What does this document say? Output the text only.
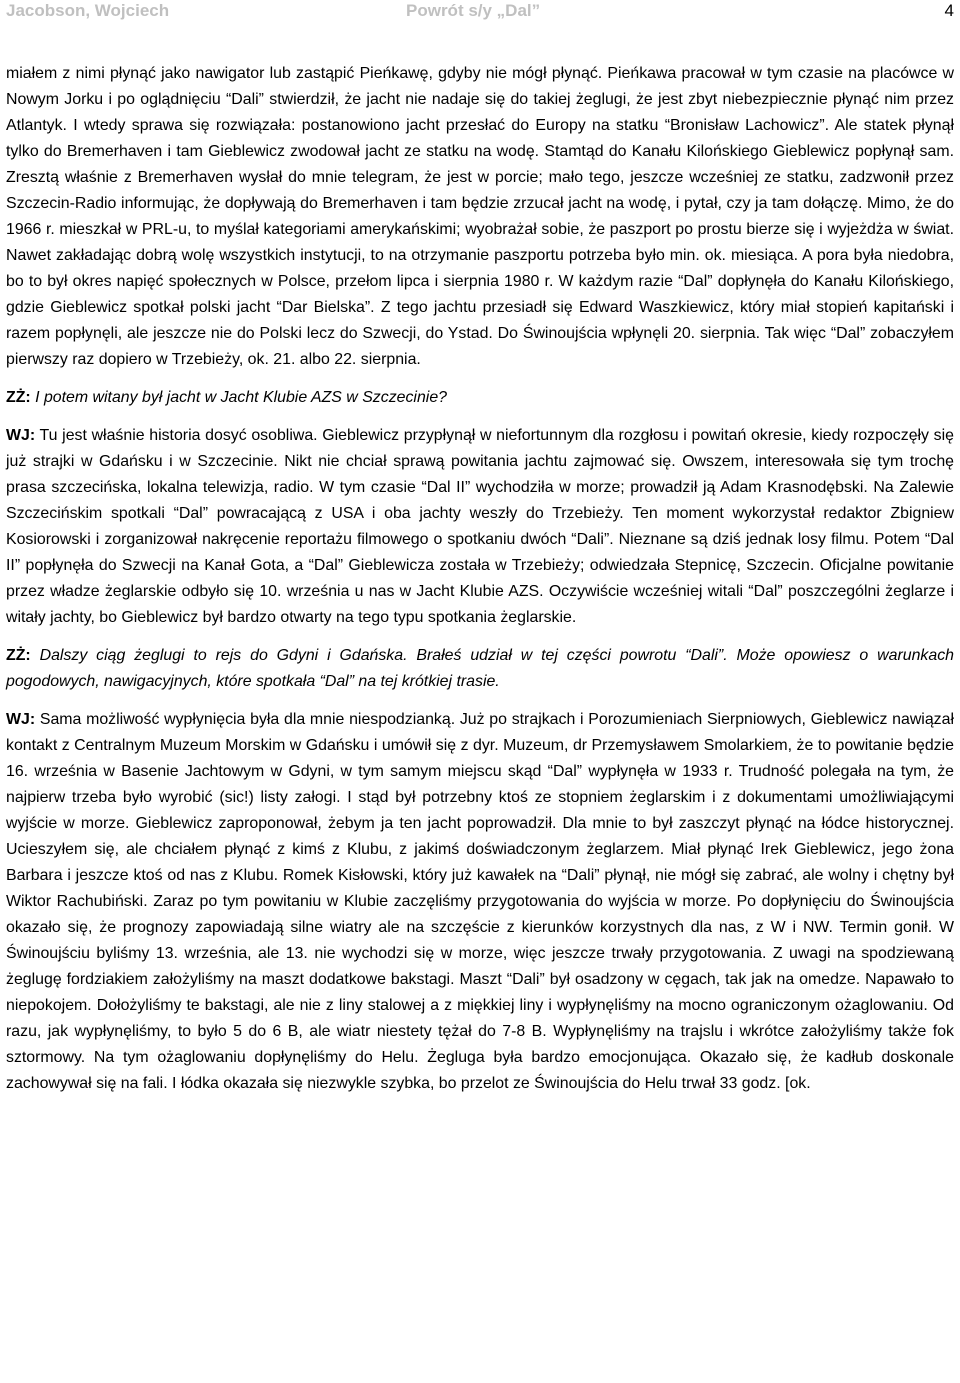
Jacobson, Wojciech	Powrót s/y „Dal”	4

miałem z nimi płynąć jako nawigator lub zastąpić Pieńkawę, gdyby nie mógł płynąć. Pieńkawa pracował w tym czasie na placówce w Nowym Jorku i po oglądnięciu “Dali” stwierdził, że jacht nie nadaje się do takiej żeglugi, że jest zbyt niebezpiecznie płynąć nim przez Atlantyk. I wtedy sprawa się rozwiązała: postanowiono jacht przesłać do Europy na statku “Bronisław Lachowicz”. Ale statek płynął tylko do Bremerhaven i tam Gieblewicz zwodował jacht ze statku na wodę. Stamtąd do Kanału Kilońskiego Gieblewicz popłynął sam. Zresztą właśnie z Bremerhaven wysłał do mnie telegram, że jest w porcie; mało tego, jeszcze wcześniej ze statku, zadzwonił przez Szczecin-Radio informując, że dopływają do Bremerhaven i tam będzie zrzucał jacht na wodę, i pytał, czy ja tam dołączę. Mimo, że do 1966 r. mieszkał w PRL-u, to myślał kategoriami amerykańskimi; wyobrażał sobie, że paszport po prostu bierze się i wyjeżdża w świat. Nawet zakładając dobrą wolę wszystkich instytucji, to na otrzymanie paszportu potrzeba było min. ok. miesiąca. A pora była niedobra, bo to był okres napięć społecznych w Polsce, przełom lipca i sierpnia 1980 r. W każdym razie “Dal” dopłynęła do Kanału Kilońskiego, gdzie Gieblewicz spotkał polski jacht “Dar Bielska”. Z tego jachtu przesiadł się Edward Waszkiewicz, który miał stopień kapitański i razem popłynęli, ale jeszcze nie do Polski lecz do Szwecji, do Ystad. Do Świnoujścia wpłynęli 20. sierpnia. Tak więc “Dal” zobaczyłem pierwszy raz dopiero w Trzebieży, ok. 21. albo 22. sierpnia.

ZŻ: I potem witany był jacht w Jacht Klubie AZS w Szczecinie?

WJ: Tu jest właśnie historia dosyć osobliwa. Gieblewicz przypłynął w niefortunnym dla rozgłosu i powitań okresie, kiedy rozpoczęły się już strajki w Gdańsku i w Szczecinie. Nikt nie chciał sprawą powitania jachtu zajmować się. Owszem, interesowała się tym trochę prasa szczecińska, lokalna telewizja, radio. W tym czasie “Dal II” wychodziła w morze; prowadził ją Adam Krasnodębski. Na Zalewie Szczecińskim spotkali “Dal” powracającą z USA i oba jachty weszły do Trzebieży. Ten moment wykorzystał redaktor Zbigniew Kosiorowski i zorganizował nakręcenie reportażu filmowego o spotkaniu dwóch “Dali”. Nieznane są dziś jednak losy filmu. Potem “Dal II” popłynęła do Szwecji na Kanał Gota, a “Dal” Gieblewicza została w Trzebieży; odwiedzała Stepnicę, Szczecin. Oficjalne powitanie przez władze żeglarskie odbyło się 10. września u nas w Jacht Klubie AZS. Oczywiście wcześniej witali “Dal” poszczególni żeglarze i witały jachty, bo Gieblewicz był bardzo otwarty na tego typu spotkania żeglarskie.

ZŻ: Dalszy ciąg żeglugi to rejs do Gdyni i Gdańska. Brałeś udział w tej części powrotu “Dali”. Może opowiesz o warunkach pogodowych, nawigacyjnych, które spotkała “Dal” na tej krótkiej trasie.

WJ: Sama możliwość wypłynięcia była dla mnie niespodzianką. Już po strajkach i Porozumieniach Sierpniowych, Gieblewicz nawiązał kontakt z Centralnym Muzeum Morskim w Gdańsku i umówił się z dyr. Muzeum, dr Przemysławem Smolarkiem, że to powitanie będzie 16. września w Basenie Jachtowym w Gdyni, w tym samym miejscu skąd “Dal” wypłynęła w 1933 r. Trudność polegała na tym, że najpierw trzeba było wyrobić (sic!) listy załogi. I stąd był potrzebny ktoś ze stopniem żeglarskim i z dokumentami umożliwiającymi wyjście w morze. Gieblewicz zaproponował, żebym ja ten jacht poprowadził. Dla mnie to był zaszczyt płynąć na łódce historycznej. Ucieszyłem się, ale chciałem płynąć z kimś z Klubu, z jakimś doświadczonym żeglarzem. Miał płynąć Irek Gieblewicz, jego żona Barbara i jeszcze ktoś od nas z Klubu. Romek Kisłowski, który już kawałek na “Dali” płynął, nie mógł się zabrać, ale wolny i chętny był Wiktor Rachubiński. Zaraz po tym powitaniu w Klubie zaczęliśmy przygotowania do wyjścia w morze. Po dopłynięciu do Świnoujścia okazało się, że prognozy zapowiadają silne wiatry ale na szczęście z kierunków korzystnych dla nas, z W i NW. Termin gonił. W Świnoujściu byliśmy 13. września, ale 13. nie wychodzi się w morze, więc jeszcze trwały przygotowania. Z uwagi na spodziewaną żeglugę fordziakiem założyliśmy na maszt dodatkowe bakstagi. Maszt “Dali” był osadzony w cęgach, tak jak na omedze. Napawało to niepokojem. Dołożyliśmy te bakstagi, ale nie z liny stalowej a z miękkiej liny i wypłynęliśmy na mocno ograniczonym ożaglowaniu. Od razu, jak wypłynęliśmy, to było 5 do 6 B, ale wiatr niestety tężał do 7-8 B. Wypłynęliśmy na trajslu i wkrótce założyliśmy także fok sztormowy. Na tym ożaglowaniu dopłynęliśmy do Helu. Żegluga była bardzo emocjonująca. Okazało się, że kadłub doskonale zachowywał się na fali. I łódka okazała się niezwykle szybka, bo przelot ze Świnoujścia do Helu trwał 33 godz. [ok.
